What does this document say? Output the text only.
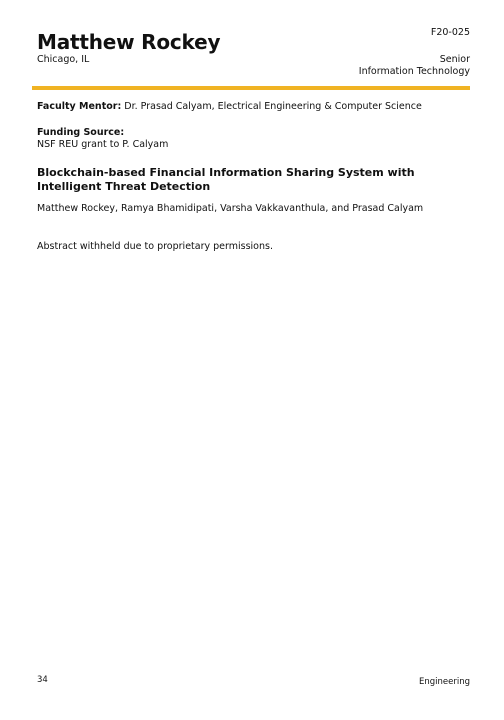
Matthew Rockey
Chicago, IL
F20-025
Senior
Information Technology
Faculty Mentor: Dr. Prasad Calyam, Electrical Engineering & Computer Science
Funding Source:
NSF REU grant to P. Calyam
Blockchain-based Financial Information Sharing System with Intelligent Threat Detection
Matthew Rockey, Ramya Bhamidipati, Varsha Vakkavanthula, and Prasad Calyam
Abstract withheld due to proprietary permissions.
34	Engineering
